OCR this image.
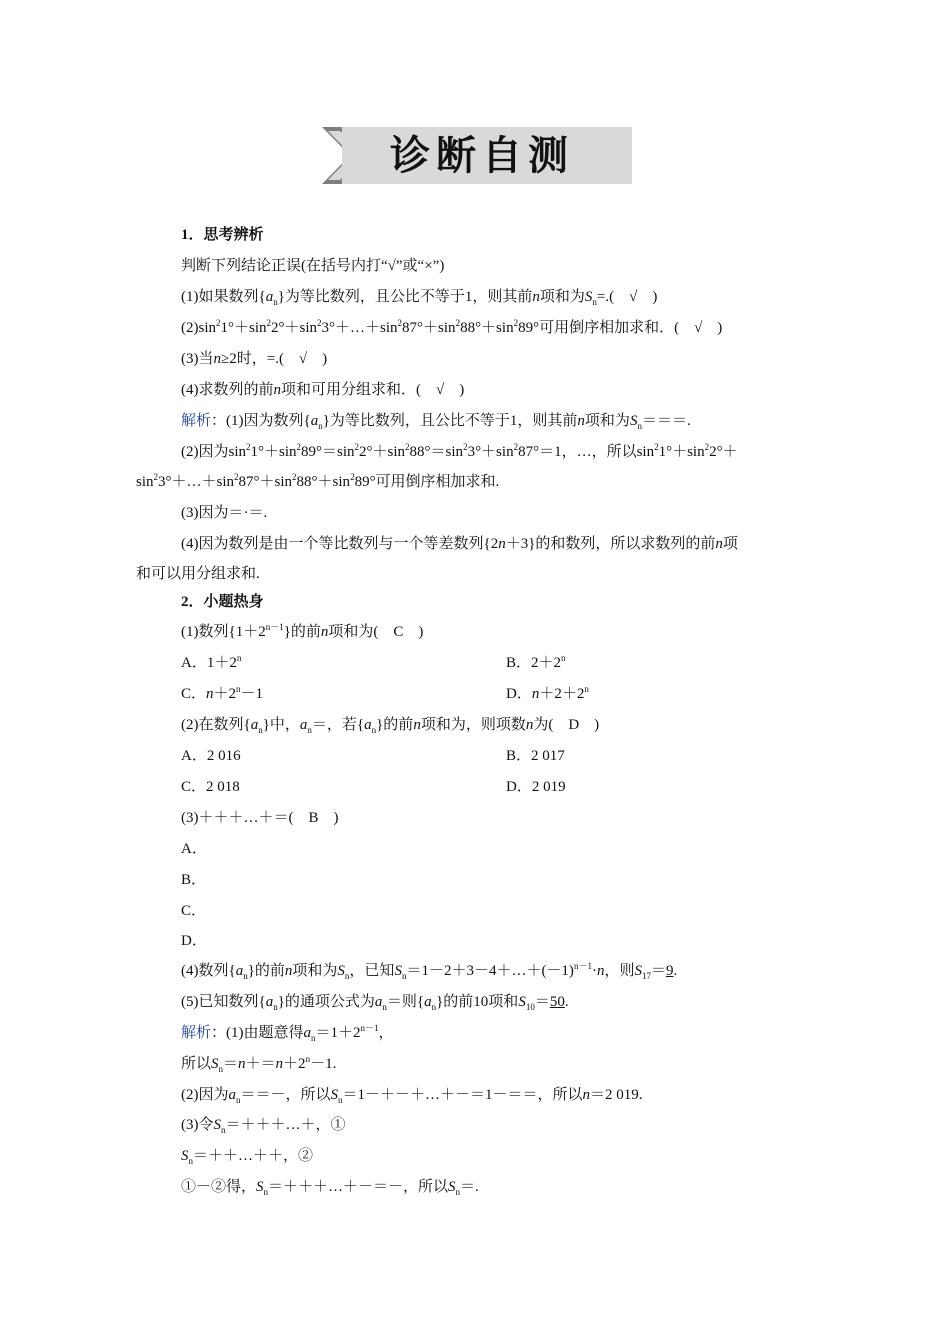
诊断自测
1．思考辨析
判断下列结论正误(在括号内打“√”或“×”)
(1)如果数列$\{a_n\}$为等比数列，且公比不等于1，则其前n项和为$S_n=$.(　√　)
$(2)\sin^21^\circ+\sin^22^\circ+\sin^23^\circ+\dots+\sin^287^\circ+\sin^288^\circ+\sin^289^\circ$可用倒序相加求和．(　√　)
(3)当n≥2时，=.(　√　)
(4)求数列的前n项和可用分组求和．(　√　)
解析：(1)因为数列$\{a_n\}$为等比数列，且公比不等于1，则其前n项和为$S_n===$.
(2)因为$\sin^21^\circ+\sin^289^\circ=\sin^22^\circ+\sin^288^\circ=\sin^23^\circ+\sin^287^\circ=1$，…，所以$\sin^21^\circ+\sin^22^\circ+$
$\sin^23^\circ+\dots+\sin^287^\circ+\sin^288^\circ+\sin^289^\circ$可用倒序相加求和.
(3)因为＝·＝.
(4)因为数列是由一个等比数列与一个等差数列{2n＋3}的和数列，所以求数列的前n项
和可以用分组求和.
2．小题热身
(1)数列$\{1+2^{n-1}\}$的前n项和为(　C　)
A．$1+2^n$	B．$2+2^n$
C．$n+2^n-1$	D．$n+2+2^n$
(2)在数列$\{a_n\}$中，$a_n=$，若$\{a_n\}$的前n项和为，则项数n为(　D　)
A．2 016	B．2 017
C．2 018	D．2 019
(3)＋＋＋…＋＝(　B　)
A．
B．
C．
D．
(4)数列$\{a_n\}$的前n项和为$S_n$，已知$S_n=1-2+3-4+\dots+(-1)^{n-1}\cdot n$，则$S_{17}=9$.
(5)已知数列$\{a_n\}$的通项公式为$a_n=$则$\{a_n\}$的前10项和$S_{10}=50$.
解析：(1)由题意得$a_n=1+2^{n-1}$，
所以$S_n=n+=n+2^n-1$.
(2)因为$a_n==-$，所以$S_n=1-+-+\dots+-=1-==$，所以n＝2 019.
(3)令$S_n=+++\dots+$，①
$S_n=++\dots++$，②
①－②得，$S_n=+++\dots+-=-$，所以$S_n=$.
